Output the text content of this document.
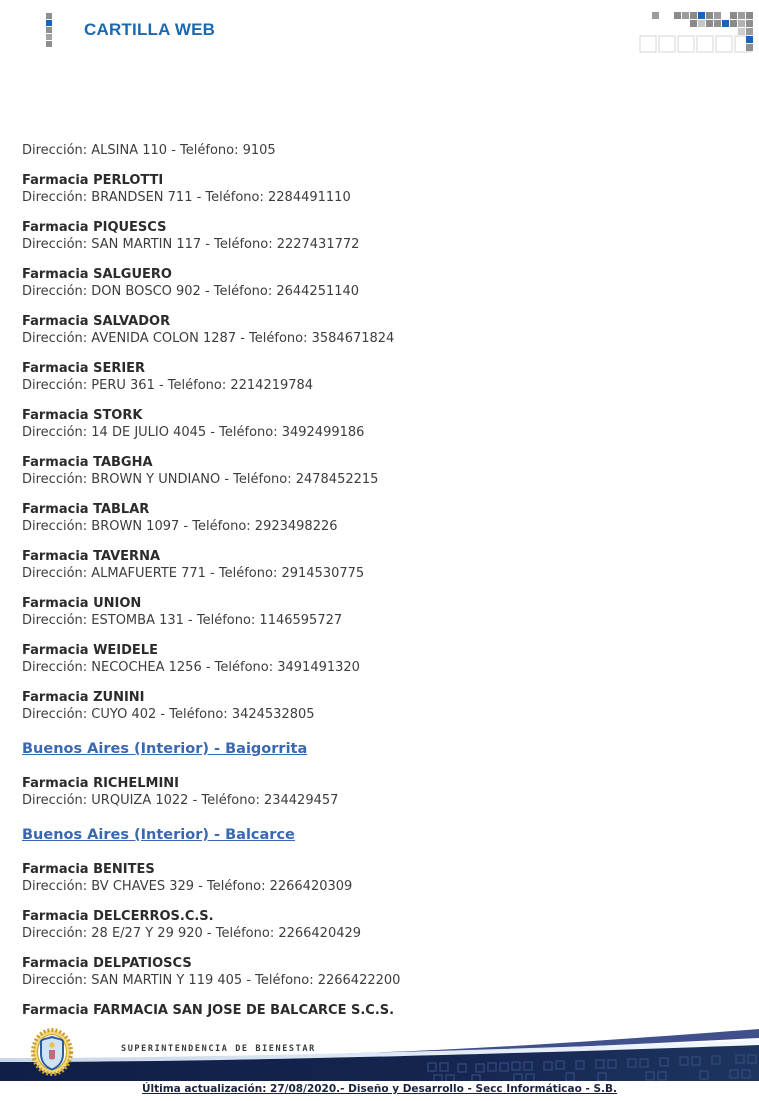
CARTILLA WEB
Dirección: ALSINA 110 - Teléfono: 9105
Farmacia PERLOTTI
Dirección: BRANDSEN 711 - Teléfono: 2284491110
Farmacia PIQUESCS
Dirección: SAN MARTIN 117 - Teléfono: 2227431772
Farmacia SALGUERO
Dirección: DON BOSCO 902 - Teléfono: 2644251140
Farmacia SALVADOR
Dirección: AVENIDA COLON 1287 - Teléfono: 3584671824
Farmacia SERIER
Dirección: PERU 361 - Teléfono: 2214219784
Farmacia STORK
Dirección: 14 DE JULIO 4045 - Teléfono: 3492499186
Farmacia TABGHA
Dirección: BROWN Y UNDIANO - Teléfono: 2478452215
Farmacia TABLAR
Dirección: BROWN 1097 - Teléfono: 2923498226
Farmacia TAVERNA
Dirección: ALMAFUERTE 771 - Teléfono: 2914530775
Farmacia UNION
Dirección: ESTOMBA 131 - Teléfono: 1146595727
Farmacia WEIDELE
Dirección: NECOCHEA 1256 - Teléfono: 3491491320
Farmacia ZUNINI
Dirección: CUYO 402 - Teléfono: 3424532805
Buenos Aires (Interior) - Baigorrita
Farmacia RICHELMINI
Dirección: URQUIZA 1022 - Teléfono: 234429457
Buenos Aires (Interior) - Balcarce
Farmacia BENITES
Dirección: BV CHAVES 329 - Teléfono: 2266420309
Farmacia DELCERROS.C.S.
Dirección: 28 E/27 Y 29 920 - Teléfono: 2266420429
Farmacia DELPATIOSCS
Dirección: SAN MARTIN Y 119 405 - Teléfono: 2266422200
Farmacia FARMACIA SAN JOSE DE BALCARCE S.C.S.
SUPERINTENDENCIA DE BIENESTAR
Última actualización: 27/08/2020.- Diseño y Desarrollo - Secc Informáticao - S.B.
